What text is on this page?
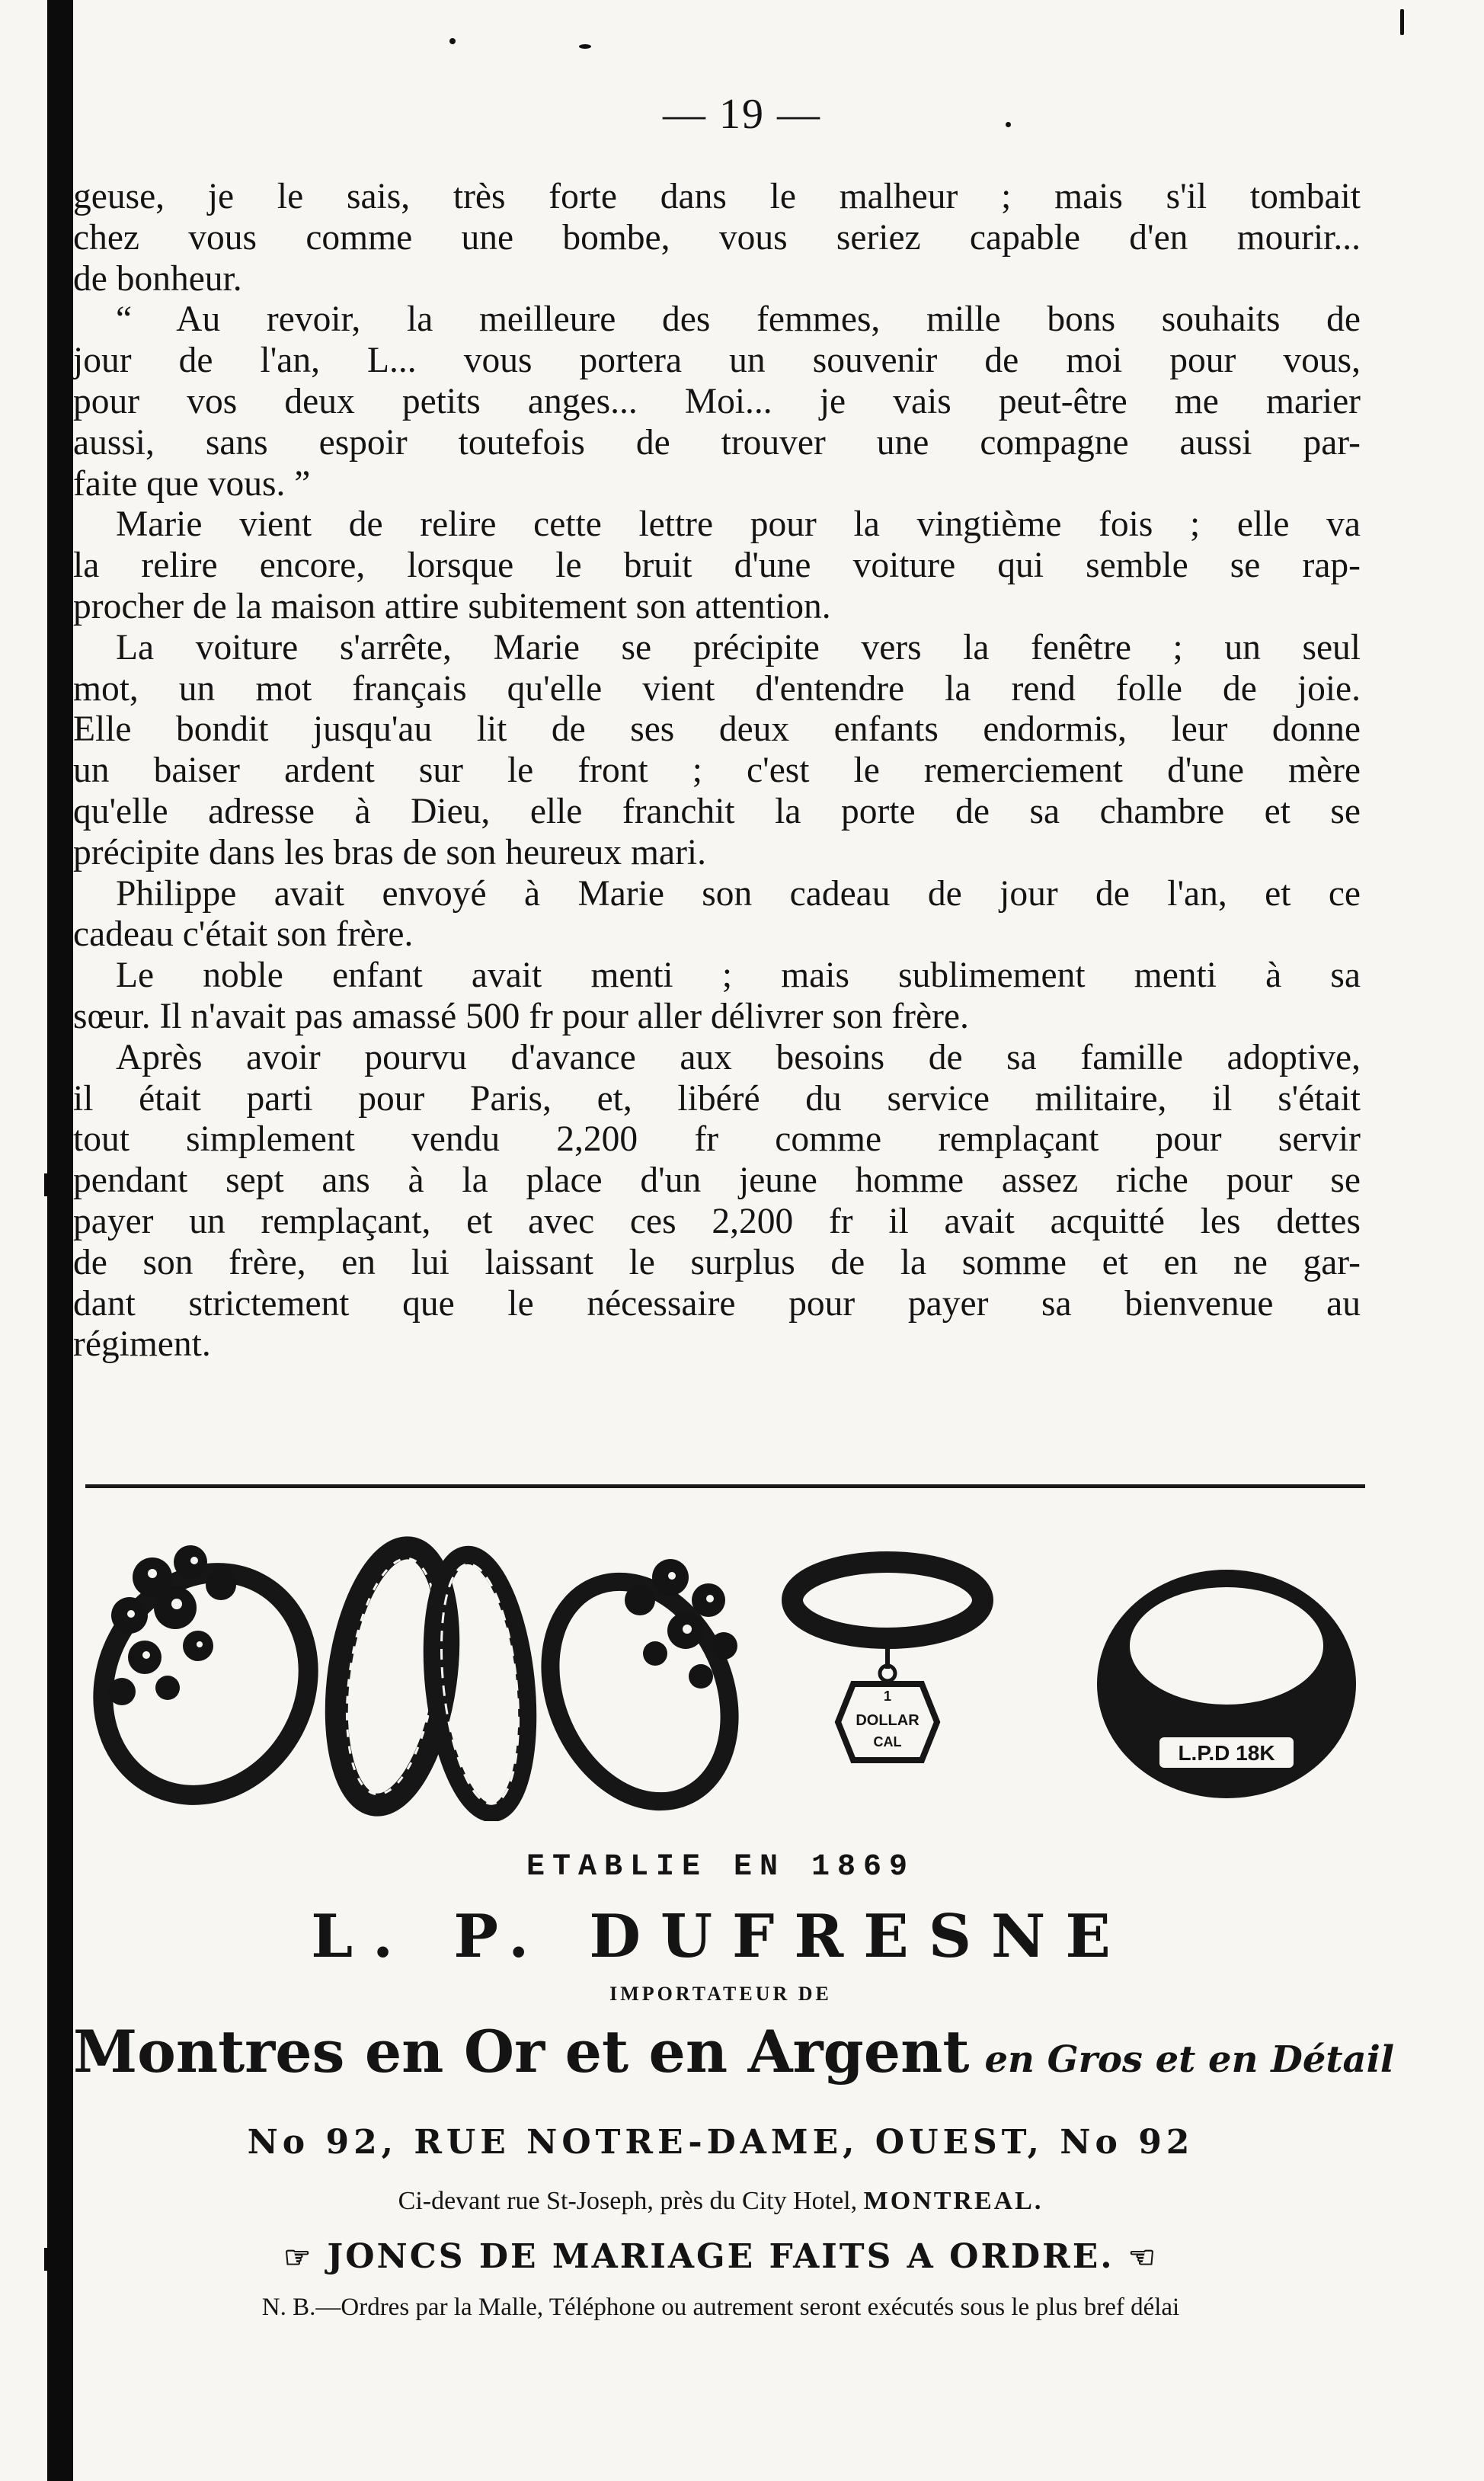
— 19 —
geuse, je le sais, très forte dans le malheur ; mais s'il tombait
chez vous comme une bombe, vous seriez capable d'en mourir...
de bonheur.
“ Au revoir, la meilleure des femmes, mille bons souhaits de
jour de l'an, L... vous portera un souvenir de moi pour vous,
pour vos deux petits anges... Moi... je vais peut-être me marier
aussi, sans espoir toutefois de trouver une compagne aussi par-
faite que vous. ”
Marie vient de relire cette lettre pour la vingtième fois ; elle va
la relire encore, lorsque le bruit d'une voiture qui semble se rap-
procher de la maison attire subitement son attention.
La voiture s'arrête, Marie se précipite vers la fenêtre ; un seul
mot, un mot français qu'elle vient d'entendre la rend folle de joie.
Elle bondit jusqu'au lit de ses deux enfants endormis, leur donne
un baiser ardent sur le front ; c'est le remerciement d'une mère
qu'elle adresse à Dieu, elle franchit la porte de sa chambre et se
précipite dans les bras de son heureux mari.
Philippe avait envoyé à Marie son cadeau de jour de l'an, et ce
cadeau c'était son frère.
Le noble enfant avait menti ; mais sublimement menti à sa
sœur. Il n'avait pas amassé 500 fr pour aller délivrer son frère.
Après avoir pourvu d'avance aux besoins de sa famille adoptive,
il était parti pour Paris, et, libéré du service militaire, il s'était
tout simplement vendu 2,200 fr comme remplaçant pour servir
pendant sept ans à la place d'un jeune homme assez riche pour se
payer un remplaçant, et avec ces 2,200 fr il avait acquitté les dettes
de son frère, en lui laissant le surplus de la somme et en ne gar-
dant strictement que le nécessaire pour payer sa bienvenue au
régiment.
18K
1
DOLLAR
CAL	L.P.D 18K
ETABLIE EN 1869
L. P. DUFRESNE
IMPORTATEUR DE
Montres en Or et en Argent en Gros et en Détail
No 92, RUE NOTRE-DAME, OUEST, No 92
Ci-devant rue St-Joseph, près du City Hotel, MONTREAL.
☞ JONCS DE MARIAGE FAITS A ORDRE. ☜
N. B.—Ordres par la Malle, Téléphone ou autrement seront exécutés sous le plus bref délai
